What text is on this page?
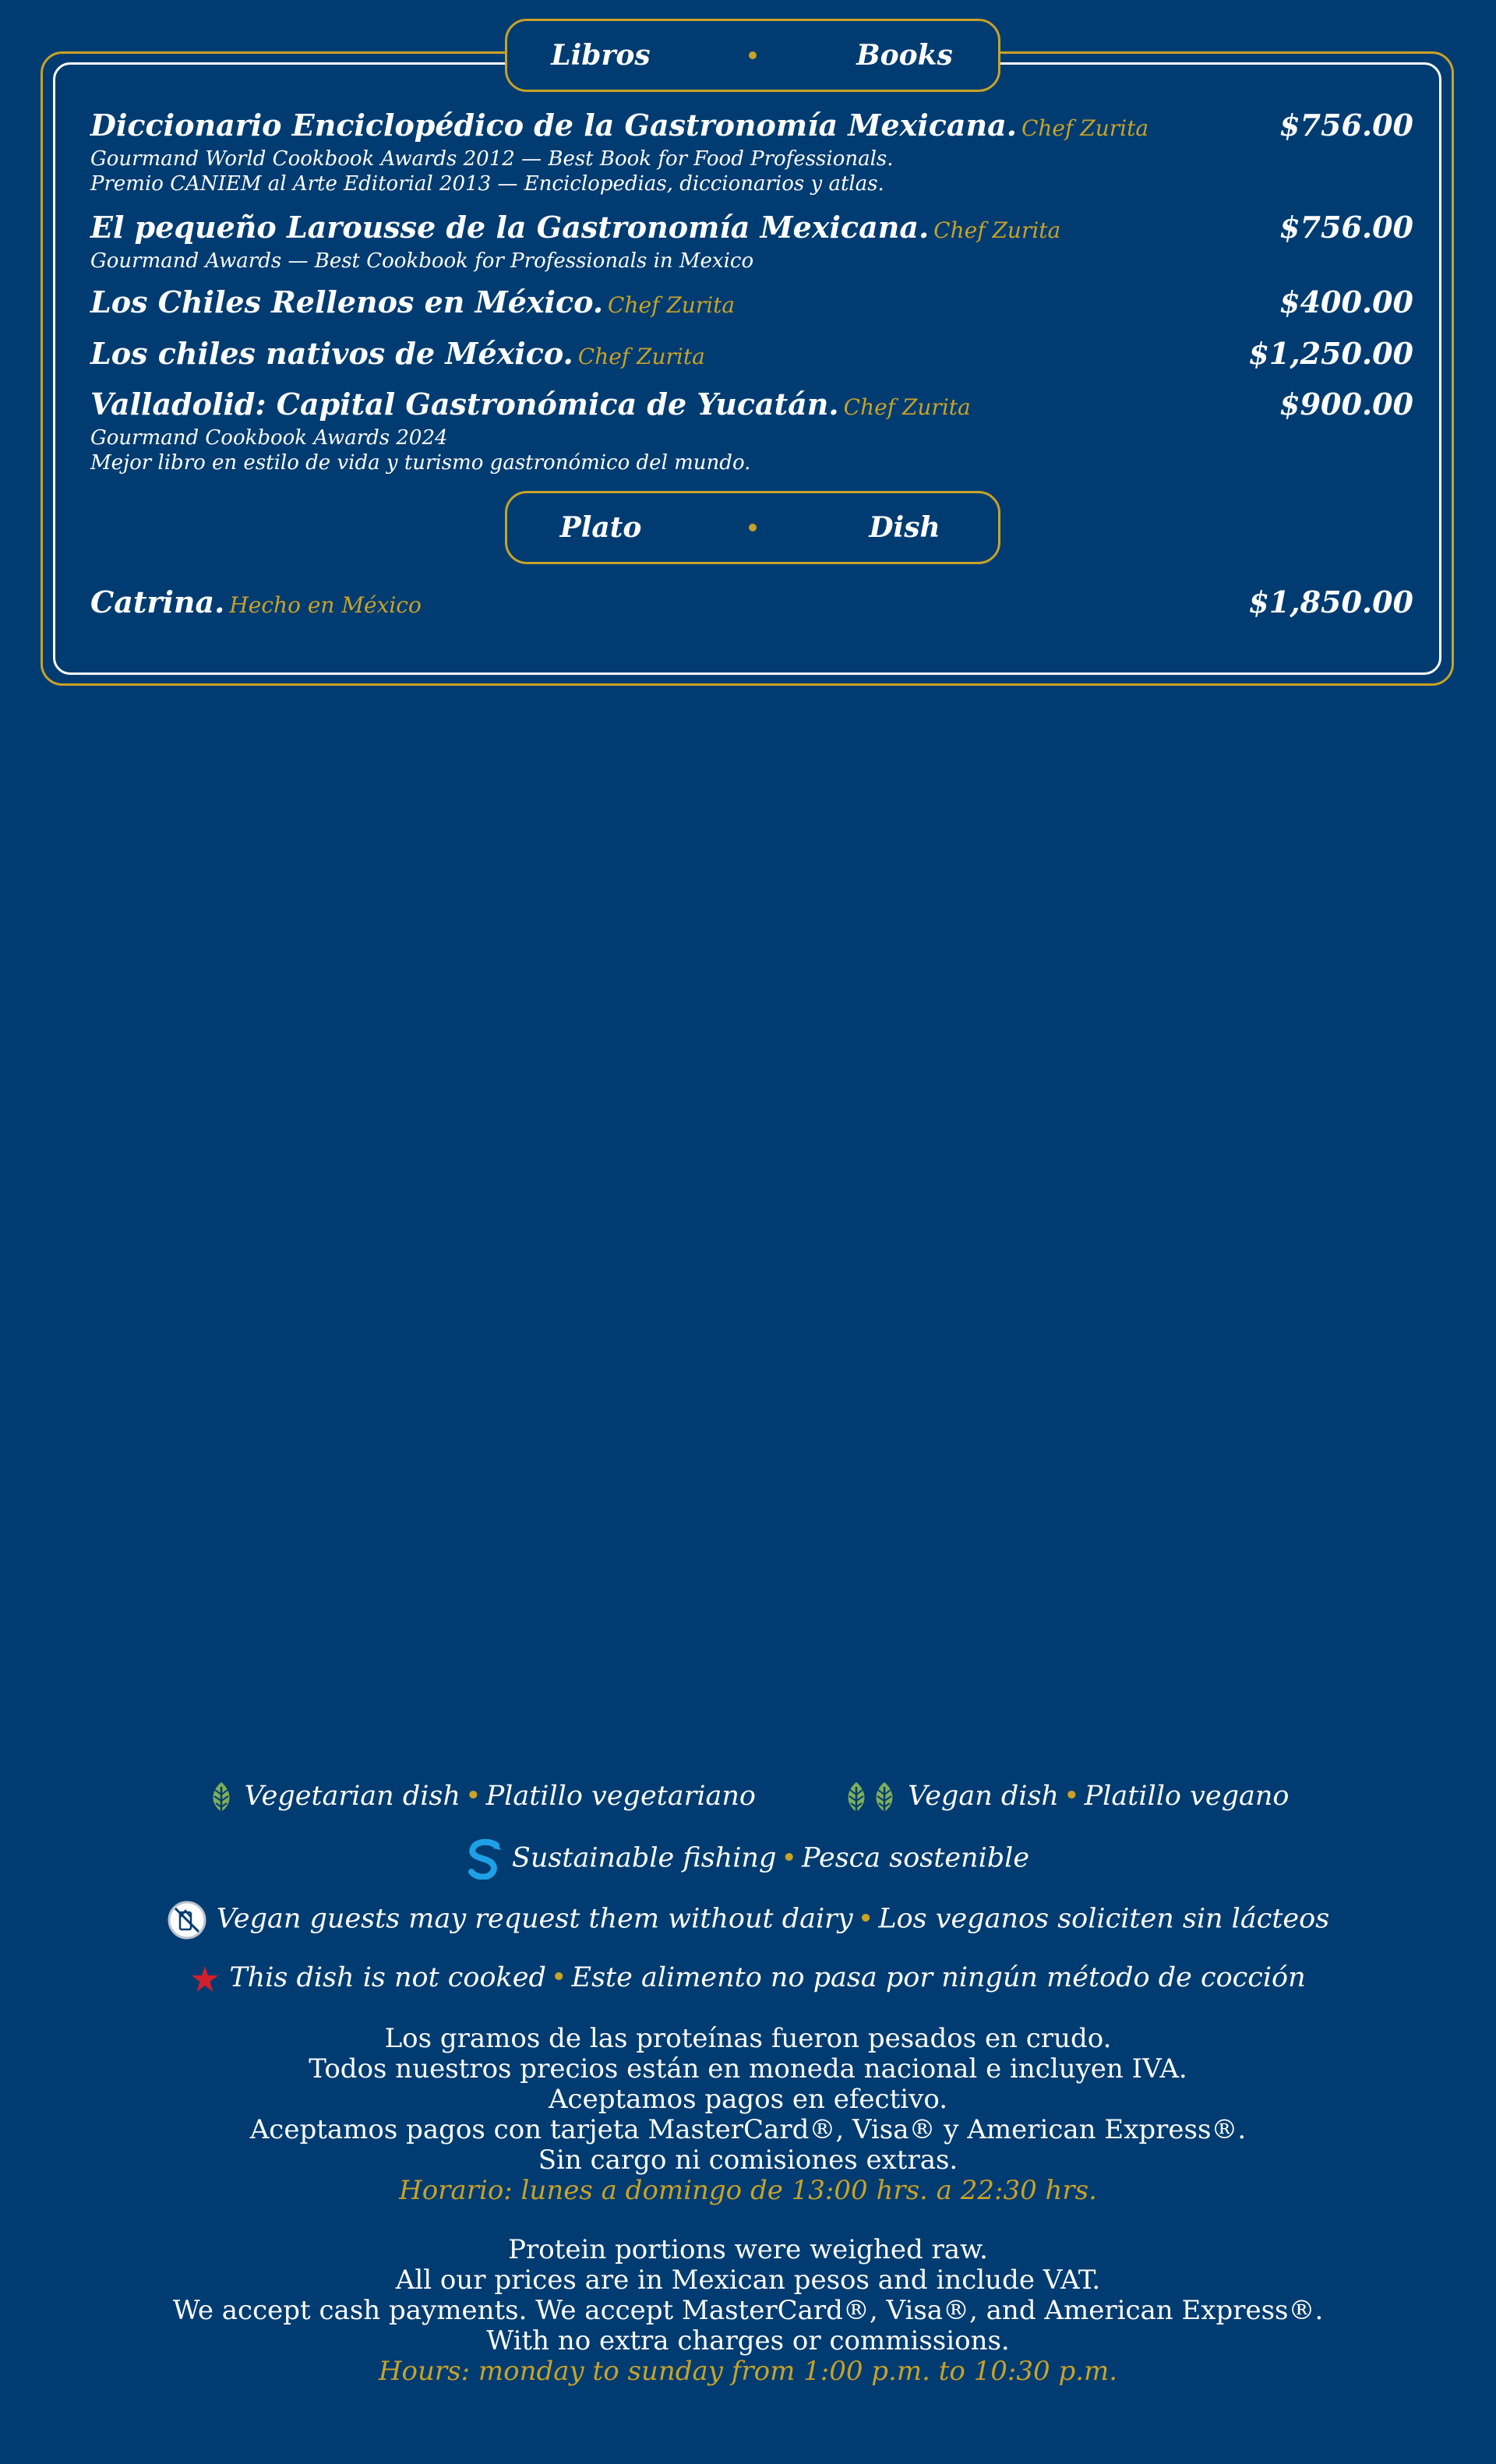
Libros	Books
Diccionario Enciclopédico de la Gastronomía Mexicana. Chef Zurita	$756.00
Gourmand World Cookbook Awards 2012 — Best Book for Food Professionals.
Premio CANIEM al Arte Editorial 2013 — Enciclopedias, diccionarios y atlas.
El pequeño Larousse de la Gastronomía Mexicana. Chef Zurita	$756.00
Gourmand Awards — Best Cookbook for Professionals in Mexico
Los Chiles Rellenos en México. Chef Zurita	$400.00
Los chiles nativos de México. Chef Zurita	$1,250.00
Valladolid: Capital Gastronómica de Yucatán. Chef Zurita	$900.00
Gourmand Cookbook Awards 2024
Mejor libro en estilo de vida y turismo gastronómico del mundo.
Plato	Dish
Catrina. Hecho en México	$1,850.00
Vegetarian dish • Platillo vegetariano	Vegan dish • Platillo vegano
Sustainable fishing • Pesca sostenible
Vegan guests may request them without dairy • Los veganos soliciten sin lácteos
This dish is not cooked • Este alimento no pasa por ningún método de cocción
Los gramos de las proteínas fueron pesados en crudo.
Todos nuestros precios están en moneda nacional e incluyen IVA.
Aceptamos pagos en efectivo.
Aceptamos pagos con tarjeta MasterCard®, Visa® y American Express®.
Sin cargo ni comisiones extras.
Horario: lunes a domingo de 13:00 hrs. a 22:30 hrs.
Protein portions were weighed raw.
All our prices are in Mexican pesos and include VAT.
We accept cash payments. We accept MasterCard®, Visa®, and American Express®.
With no extra charges or commissions.
Hours: monday to sunday from 1:00 p.m. to 10:30 p.m.
